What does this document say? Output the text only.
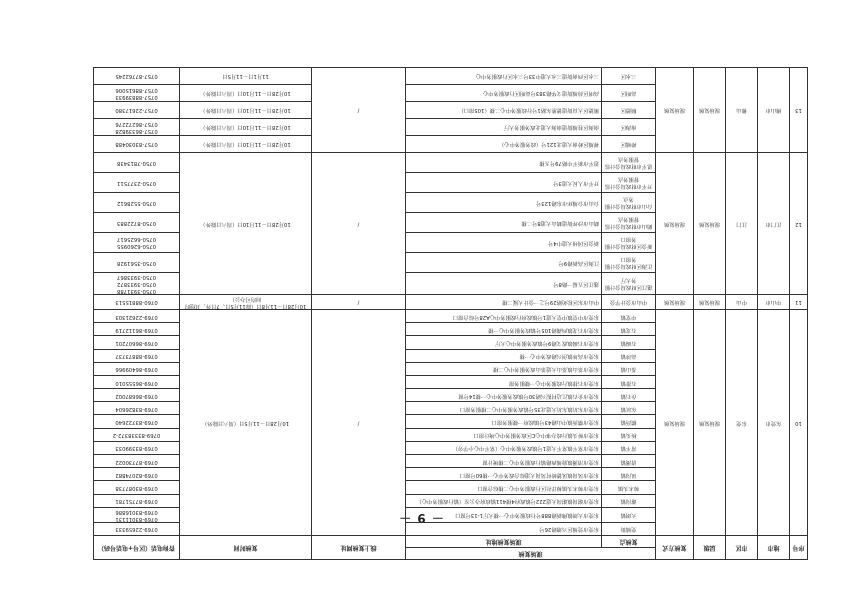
－ 9 －
序号	地市	市区	层级	复核方式	现场复核		线上复核网址	复核时间	咨询电话（区号+电话号码）
					复核点	现场复核地址			
10	东莞市	东莞	现场复核	现场复核	莞城街	东莞市莞城区兴塘路26号	/	10月28日－11月5日（周六日除外）	0769-22659333
					大朗镇	东莞市大朗镇佛新路888号行政服务中心一楼大厅1-13号窗口			0769-83011131
0769-83016886
					谢岗镇	东莞市谢岗镇谢岗大道222号镇政府4楼411镇政府办公室（镇行政服务中心）			0769-87751781
					樟木头镇	东莞市樟木头镇樟洋社区行政服务中心二楼综合窗口			0769-83087738
					凤岗镇	东莞市凤岗镇凤德岭村凤岗大道综合政务中心一楼60号窗口			0769-82074882
					清溪镇	东莞市清溪镇鹿城西路镇行政服务中心二楼统计窗			0769-87730022
					常平镇	东莞市常平镇常平大道1号镇政务服务中心（常平中心小学旁）			0769-83399033
					桥头镇	东莞市桥头镇行政办事中心C区政务服务中心统计窗口			0769-83338372-2
					横沥镇	东莞市横沥镇中山路43号镇政府一楼服务窗口			0769-83722640
					东坑镇	东莞市东坑镇东坑大道北35号镇政务服务中心二楼服务窗口			0769-83826604
					企石镇	东莞市企石镇江边村振兴路30号镇政务服务中心一楼14号窗			0769-86687002
					石排镇	东莞市石排镇行政服务中心一楼服务窗			0769-86555010
					茶山镇	东莞市茶山镇茶山大道茶山政务服务中心二楼			0769-86409966
					高埗镇	东莞市高埗镇创兴路政务中心一楼			0769-88873737
					石碣镇	东莞市石碣镇政文路9号镇政务服务中心大厅			0769-86607201
					石龙镇	东莞市石龙镇西湖路105号镇政务服务中心一楼			0769-86112719
					中堂镇	东莞市中堂镇中堂大道1号镇政府行政服务中心A28号综合窗口			0769-22621303
11	中山市	中山	现场复核	现场复核	中山市会计学会	中山市东区松苑路29号之一会计大厦二楼	/	10月28日－11月8日（除11月5日、7日外，其他时间均可办公）	0760-88815513
12	江门市	江门	现场复核	现场复核	蓬江区财政局会计服务大厅	蓬江区五福一路8号	/	10月28日－11月10日（周六日除外）	0750-3931788
0750-3933872
0750-3933867
					江海区财政局会计服务窗口	江海区高新路9号			0750-3561928
					新会区财政局会计服务窗口	新会区冈州大道中4号			0750-6260955
0750-6625617
					鹤山市财政局会计监督服务点	鹤山市沙坪街道鹤山大道8号二楼			0750-8722883
					台山市财政局会计服务点	台山市台城环市东路123号			0750-5528612
					开平市财政局会计监督服务点	开平市人民大道3号			0750-2377511
					恩平市财政局会计监督服务点	恩平市新平中路79号五楼			0750-7813438
13	佛山市	佛山	现场复核	现场复核	禅城区	禅城区岭南大道北121号（政务服务中心）	/	10月28日－11月10日（周六日除外）	0757-83030488
					南海区	南海区桂城街道南海大道北政务服务大厅		10月28日－11月10日（周六日除外）	0757-86339828
0757-86272276
					顺德区	顺德区大良街道德胜东路1号行政服务中心二楼（105窗口）		10月28日－11月10日（周六日除外）	0757-22617380
					高明区	高明区荷城街道文华路383号高明区行政服务中心		10月28日－11月10日（周六日除外）	0757-88839933
0757-88615006
					三水区	三水区西南街道三水大道中33号三水区行政服务中心		11月1日－11月5日	0757-87762245
